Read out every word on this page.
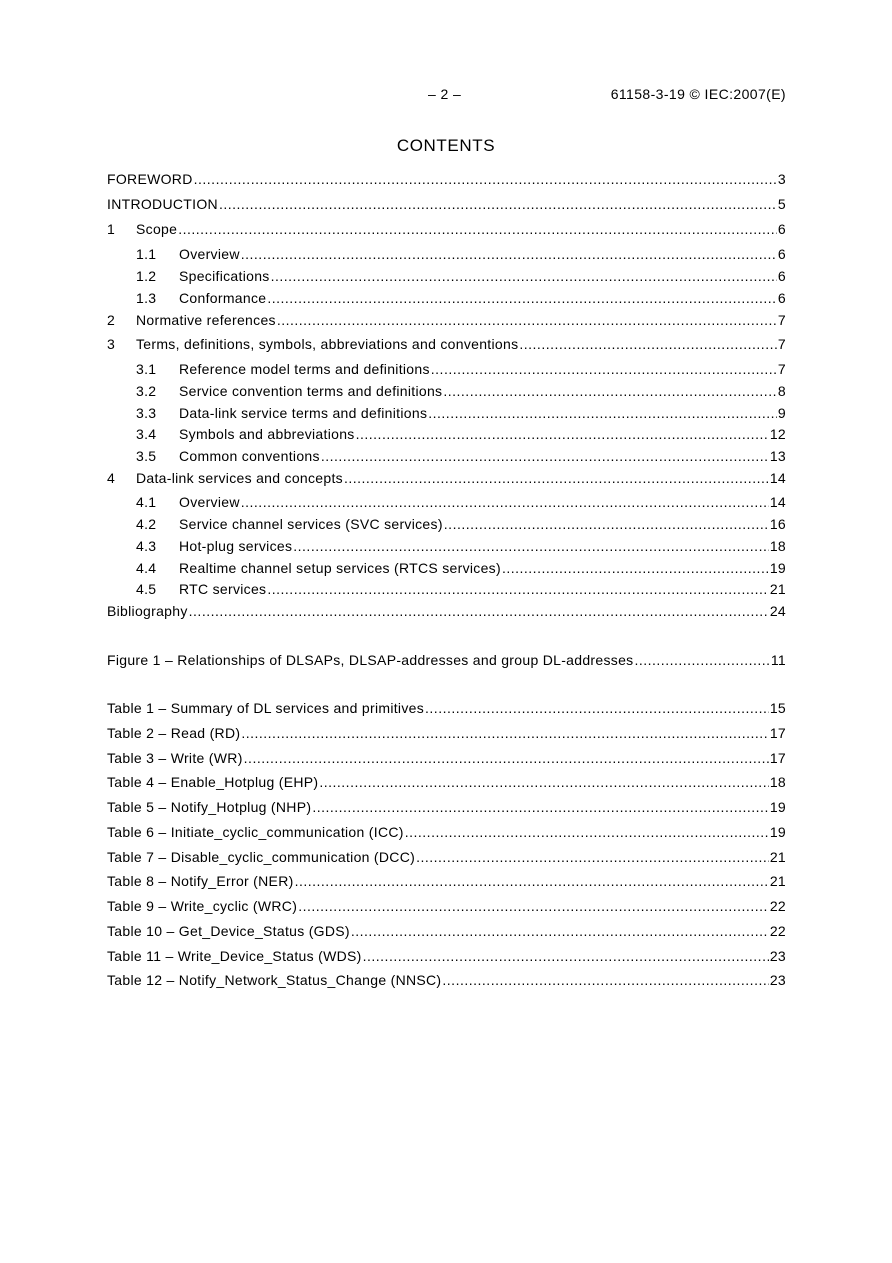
– 2 –	61158-3-19 © IEC:2007(E)
CONTENTS
FOREWORD .....	3
INTRODUCTION .....	5
1	Scope .....	6
1.1	Overview .....	6
1.2	Specifications .....	6
1.3	Conformance .....	6
2	Normative references .....	7
3	Terms, definitions, symbols, abbreviations and conventions .....	7
3.1	Reference model terms and definitions .....	7
3.2	Service convention terms and definitions .....	8
3.3	Data-link service terms and definitions .....	9
3.4	Symbols and abbreviations .....	12
3.5	Common conventions .....	13
4	Data-link services and concepts .....	14
4.1	Overview .....	14
4.2	Service channel services (SVC services) .....	16
4.3	Hot-plug services .....	18
4.4	Realtime channel setup services (RTCS services) .....	19
4.5	RTC services .....	21
Bibliography .....	24
Figure 1 – Relationships of DLSAPs, DLSAP-addresses and group DL-addresses .....	11
Table 1 – Summary of DL services and primitives .....	15
Table 2 – Read (RD) .....	17
Table 3 – Write (WR) .....	17
Table 4 – Enable_Hotplug (EHP) .....	18
Table 5 – Notify_Hotplug (NHP) .....	19
Table 6 – Initiate_cyclic_communication (ICC) .....	19
Table 7 – Disable_cyclic_communication (DCC) .....	21
Table 8 – Notify_Error (NER) .....	21
Table 9 – Write_cyclic (WRC) .....	22
Table 10 – Get_Device_Status (GDS) .....	22
Table 11 – Write_Device_Status (WDS) .....	23
Table 12 – Notify_Network_Status_Change (NNSC) .....	23
